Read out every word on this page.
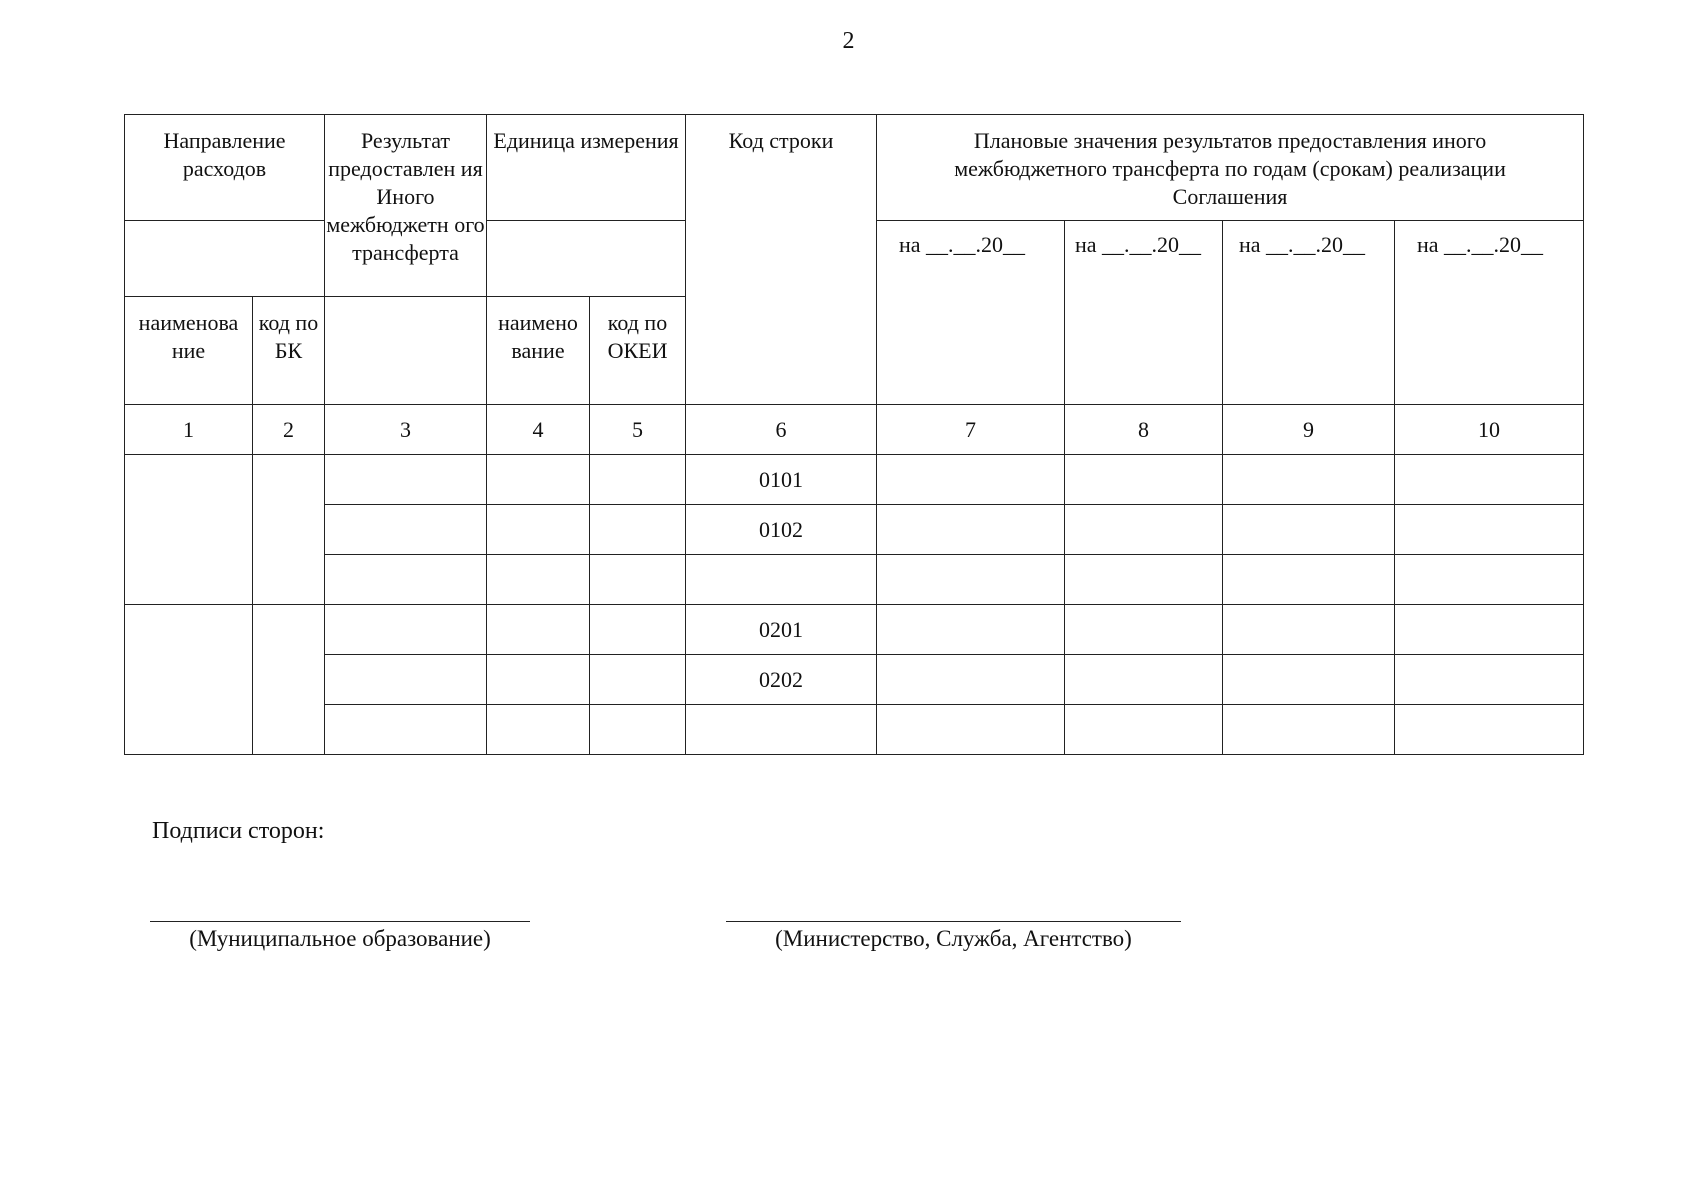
2
Направление расходов		Результат предоставлен ия Иного межбюджетн ого трансферта	Единица измерения		Код строки	Плановые значения результатов предоставления иного межбюджетного трансферта по годам (срокам) реализации Соглашения			
						на __.__.20__	на __.__.20__	на __.__.20__	на __.__.20__
наименова ние	код по БК		наимено вание	код по ОКЕИ					
1	2	3	4	5	6	7	8	9	10
					0101				
					0102				

					0201				
					0202				

Подписи сторон:
(Муниципальное образование)	(Министерство, Служба, Агентство)
